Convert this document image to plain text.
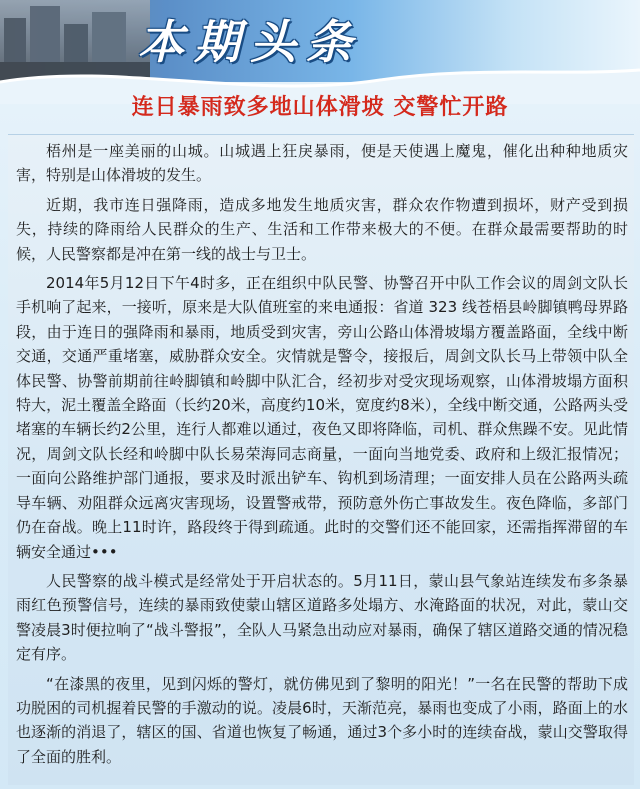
本期头条
连日暴雨致多地山体滑坡 交警忙开路

梧州是一座美丽的山城。山城遇上狂戾暴雨，便是天使遇上魔鬼，催化出种种地质灾害，特别是山体滑坡的发生。

近期，我市连日强降雨，造成多地发生地质灾害，群众农作物遭到损坏，财产受到损失，持续的降雨给人民群众的生产、生活和工作带来极大的不便。在群众最需要帮助的时候，人民警察都是冲在第一线的战士与卫士。

2014年5月12日下午4时多，正在组织中队民警、协警召开中队工作会议的周剑文队长手机响了起来，一接听，原来是大队值班室的来电通报：省道 323 线苍梧县岭脚镇鸭母界路段，由于连日的强降雨和暴雨，地质受到灾害，旁山公路山体滑坡塌方覆盖路面，全线中断交通，交通严重堵塞，威胁群众安全。灾情就是警令，接报后，周剑文队长马上带领中队全体民警、协警前期前往岭脚镇和岭脚中队汇合，经初步对受灾现场观察，山体滑坡塌方面积特大，泥土覆盖全路面（长约20米，高度约10米，宽度约8米），全线中断交通，公路两头受堵塞的车辆长约2公里，连行人都难以通过，夜色又即将降临，司机、群众焦躁不安。见此情况，周剑文队长经和岭脚中队长易荣海同志商量，一面向当地党委、政府和上级汇报情况；一面向公路维护部门通报，要求及时派出铲车、钩机到场清理；一面安排人员在公路两头疏导车辆、劝阻群众远离灾害现场，设置警戒带，预防意外伤亡事故发生。夜色降临，多部门仍在奋战。晚上11时许，路段终于得到疏通。此时的交警们还不能回家，还需指挥滞留的车辆安全通过•••

人民警察的战斗模式是经常处于开启状态的。5月11日，蒙山县气象站连续发布多条暴雨红色预警信号，连续的暴雨致使蒙山辖区道路多处塌方、水淹路面的状况，对此，蒙山交警凌晨3时便拉响了“战斗警报”，全队人马紧急出动应对暴雨，确保了辖区道路交通的情况稳定有序。

“在漆黑的夜里，见到闪烁的警灯，就仿佛见到了黎明的阳光！”一名在民警的帮助下成功脱困的司机握着民警的手激动的说。凌晨6时，天渐范亮，暴雨也变成了小雨，路面上的水也逐渐的消退了，辖区的国、省道也恢复了畅通，通过3个多小时的连续奋战，蒙山交警取得了全面的胜利。
